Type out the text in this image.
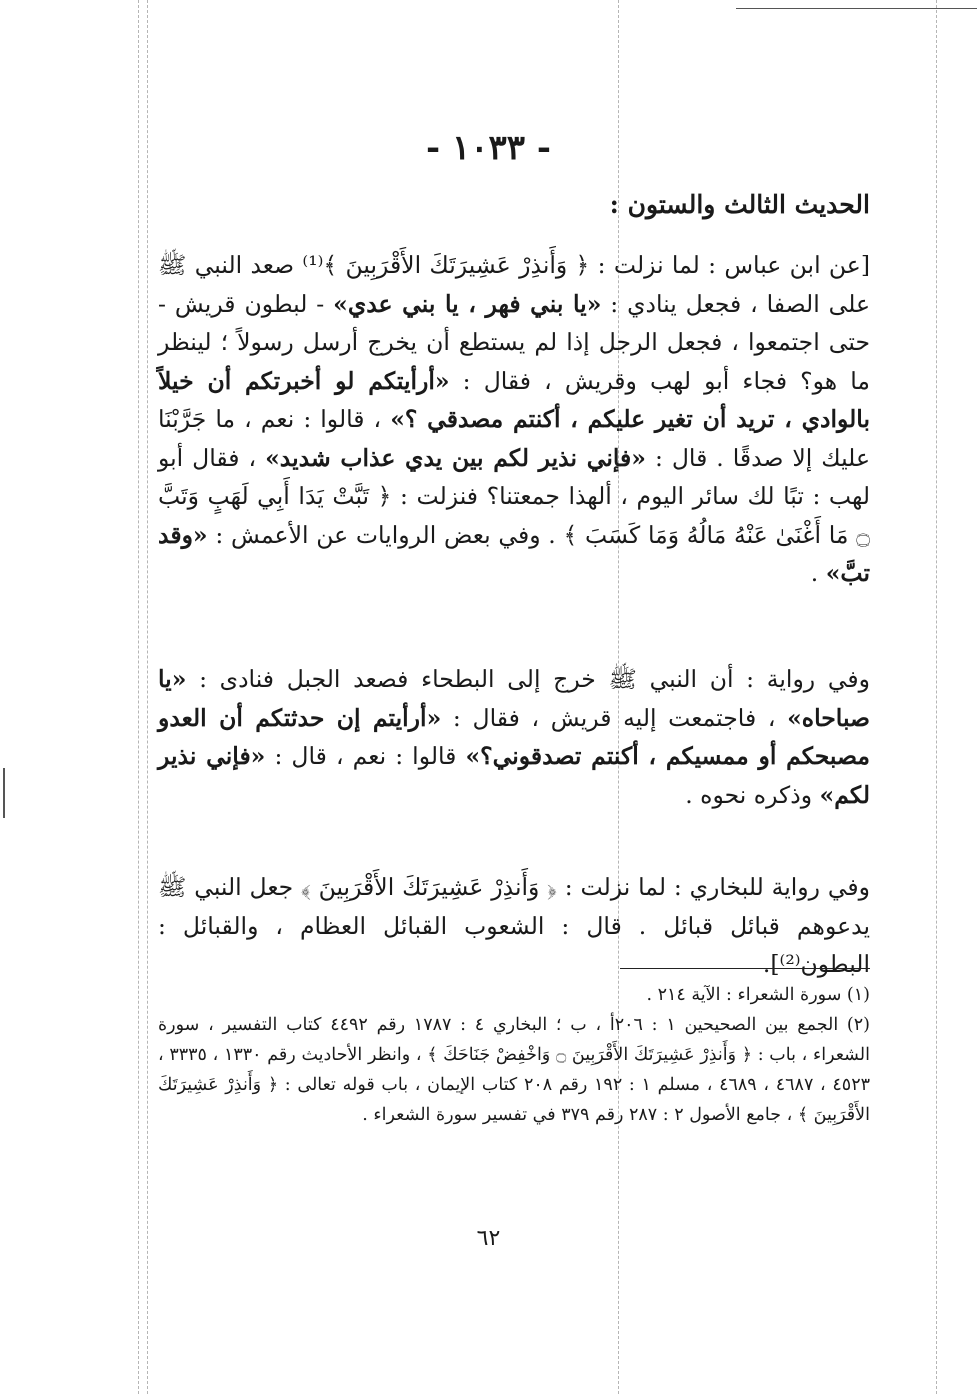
- ١٠٣٣ -
الحديث الثالث والستون :

[عن ابن عباس : لما نزلت : ﴿ وَأَنذِرْ عَشِيرَتَكَ الأَقْرَبِينَ ﴾⁽¹⁾ صعد النبي ﷺ على الصفا ، فجعل ينادي : «يا بني فهر ، يا بني عدي» - لبطون قريش - حتى اجتمعوا ، فجعل الرجل إذا لم يستطع أن يخرج أرسل رسولاً ؛ لينظر ما هو؟ فجاء أبو لهب وقريش ، فقال : «أرأيتكم لو أخبرتكم أن خيلاً بالوادي ، تريد أن تغير عليكم ، أكنتم مصدقي ؟» ، قالوا : نعم ، ما جَرَّبْنَا عليك إلا صدقًا . قال : «فإني نذير لكم بين يدي عذاب شديد» ، فقال أبو لهب : تبًا لك سائر اليوم ، ألهذا جمعتنا؟ فنزلت : ﴿ تَبَّتْ يَدَا أَبِي لَهَبٍ وَتَبَّ ۝ مَا أَغْنَىٰ عَنْهُ مَالُهُ وَمَا كَسَبَ ﴾ . وفي بعض الروايات عن الأعمش : «وقد تبَّ» .

وفي رواية : أن النبي ﷺ خرج إلى البطحاء فصعد الجبل فنادى : «يا صباحاه» ، فاجتمعت إليه قريش ، فقال : «أرأيتم إن حدثتكم أن العدو مصبحكم أو ممسيكم ، أكنتم تصدقوني؟» قالوا : نعم ، قال : «فإني نذير لكم» وذكره نحوه .

وفي رواية للبخاري : لما نزلت : ﴿ وَأَنذِرْ عَشِيرَتَكَ الأَقْرَبِينَ ﴾ جعل النبي ﷺ يدعوهم قبائل قبائل . قال : الشعوب القبائل العظام ، والقبائل : البطون⁽²⁾].

(١) سورة الشعراء : الآية ٢١٤ .

(٢) الجمع بين الصحيحين ١ : ٢٠٦أ ، ب ؛ البخاري ٤ : ١٧٨٧ رقم ٤٤٩٢ كتاب التفسير ، سورة الشعراء ، باب : ﴿ وَأَنذِرْ عَشِيرَتَكَ الأَقْرَبِينَ ۝ وَاخْفِضْ جَنَاحَكَ ﴾ ، وانظر الأحاديث رقم ١٣٣٠ ، ٣٣٣٥ ، ٤٥٢٣ ، ٤٦٨٧ ، ٤٦٨٩ ، مسلم ١ : ١٩٢ رقم ٢٠٨ كتاب الإيمان ، باب قوله تعالى : ﴿ وَأَنذِرْ عَشِيرَتَكَ الأَقْرَبِينَ ﴾ ، جامع الأصول ٢ : ٢٨٧ رقم ٣٧٩ في تفسير سورة الشعراء .

٦٢
